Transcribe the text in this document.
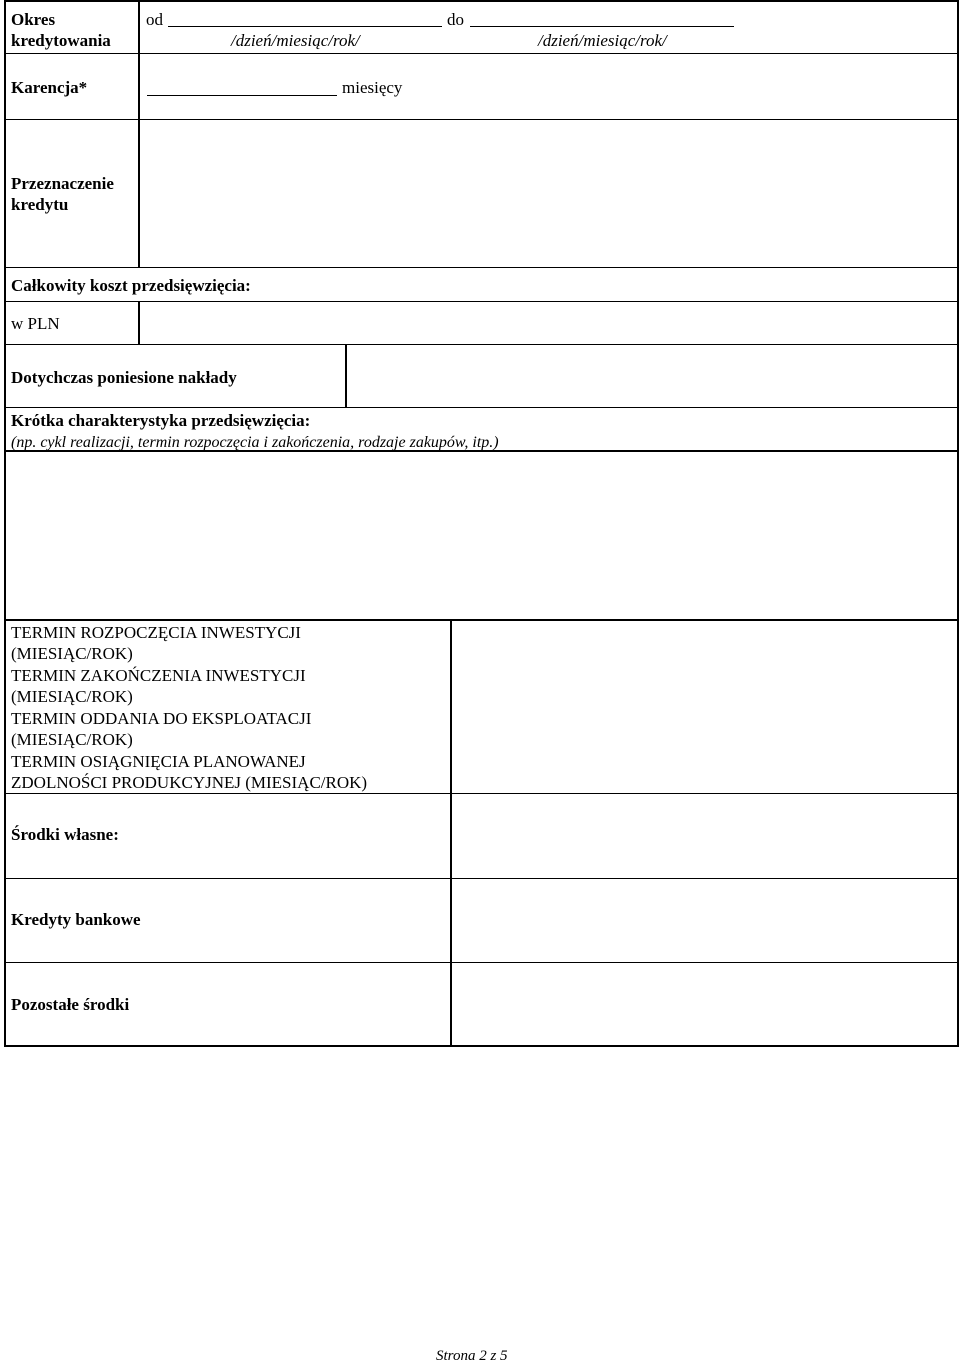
Okres
kredytowania
od	do
/dzień/miesiąc/rok/	/dzień/miesiąc/rok/
Karencja*	miesięcy
Przeznaczenie
kredytu
Całkowity koszt przedsięwzięcia:
w PLN
Dotychczas poniesione nakłady
Krótka charakterystyka przedsięwzięcia:
(np. cykl realizacji, termin rozpoczęcia i zakończenia, rodzaje zakupów, itp.)
TERMIN ROZPOCZĘCIA INWESTYCJI
(MIESIĄC/ROK)
TERMIN ZAKOŃCZENIA INWESTYCJI
(MIESIĄC/ROK)
TERMIN ODDANIA DO EKSPLOATACJI
(MIESIĄC/ROK)
TERMIN OSIĄGNIĘCIA PLANOWANEJ
ZDOLNOŚCI PRODUKCYJNEJ (MIESIĄC/ROK)
Środki własne:
Kredyty bankowe
Pozostałe środki
Strona 2 z 5
